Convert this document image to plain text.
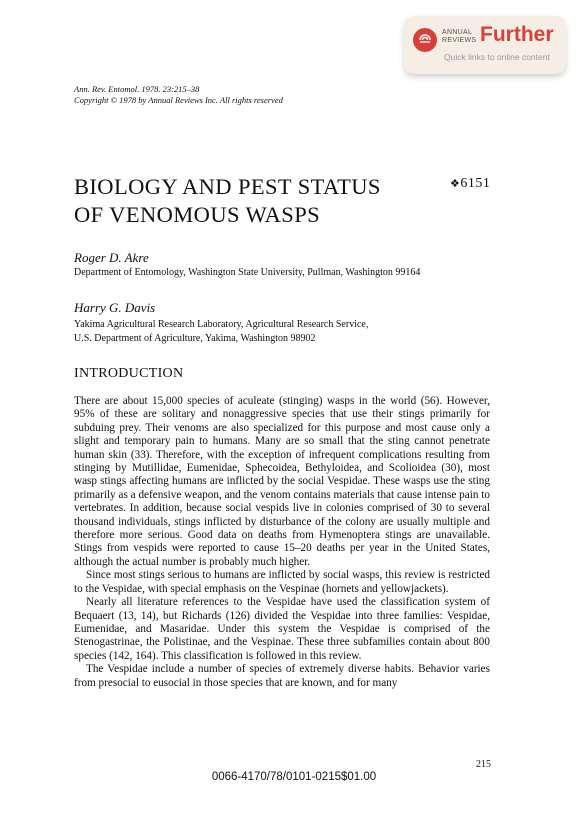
ANNUAL
REVIEWS Further
Quick links to online content
Ann. Rev. Entomol. 1978. 23:215–38
Copyright © 1978 by Annual Reviews Inc. All rights reserved
BIOLOGY AND PEST STATUS OF VENOMOUS WASPS
❖6151
Roger D. Akre
Department of Entomology, Washington State University, Pullman, Washington 99164
Harry G. Davis
Yakima Agricultural Research Laboratory, Agricultural Research Service,
U.S. Department of Agriculture, Yakima, Washington 98902
INTRODUCTION

There are about 15,000 species of aculeate (stinging) wasps in the world (56). However, 95% of these are solitary and nonaggressive species that use their stings primarily for subduing prey. Their venoms are also specialized for this purpose and most cause only a slight and temporary pain to humans. Many are so small that the sting cannot penetrate human skin (33). Therefore, with the exception of infrequent complications resulting from stinging by Mutillidae, Eumenidae, Sphecoidea, Bethyloidea, and Scolioidea (30), most wasp stings affecting humans are inflicted by the social Vespidae. These wasps use the sting primarily as a defensive weapon, and the venom contains materials that cause intense pain to vertebrates. In addition, because social vespids live in colonies comprised of 30 to several thousand individuals, stings inflicted by disturbance of the colony are usually multiple and therefore more serious. Good data on deaths from Hymenoptera stings are unavailable. Stings from vespids were reported to cause 15–20 deaths per year in the United States, although the actual number is probably much higher.

Since most stings serious to humans are inflicted by social wasps, this review is restricted to the Vespidae, with special emphasis on the Vespinae (hornets and yellowjackets).

Nearly all literature references to the Vespidae have used the classification system of Bequaert (13, 14), but Richards (126) divided the Vespidae into three families: Vespidae, Eumenidae, and Masaridae. Under this system the Vespidae is comprised of the Stenogastrinae, the Polistinae, and the Vespinae. These three subfamilies contain about 800 species (142, 164). This classification is followed in this review.

The Vespidae include a number of species of extremely diverse habits. Behavior varies from presocial to eusocial in those species that are known, and for many

215
0066-4170/78/0101-0215$01.00
